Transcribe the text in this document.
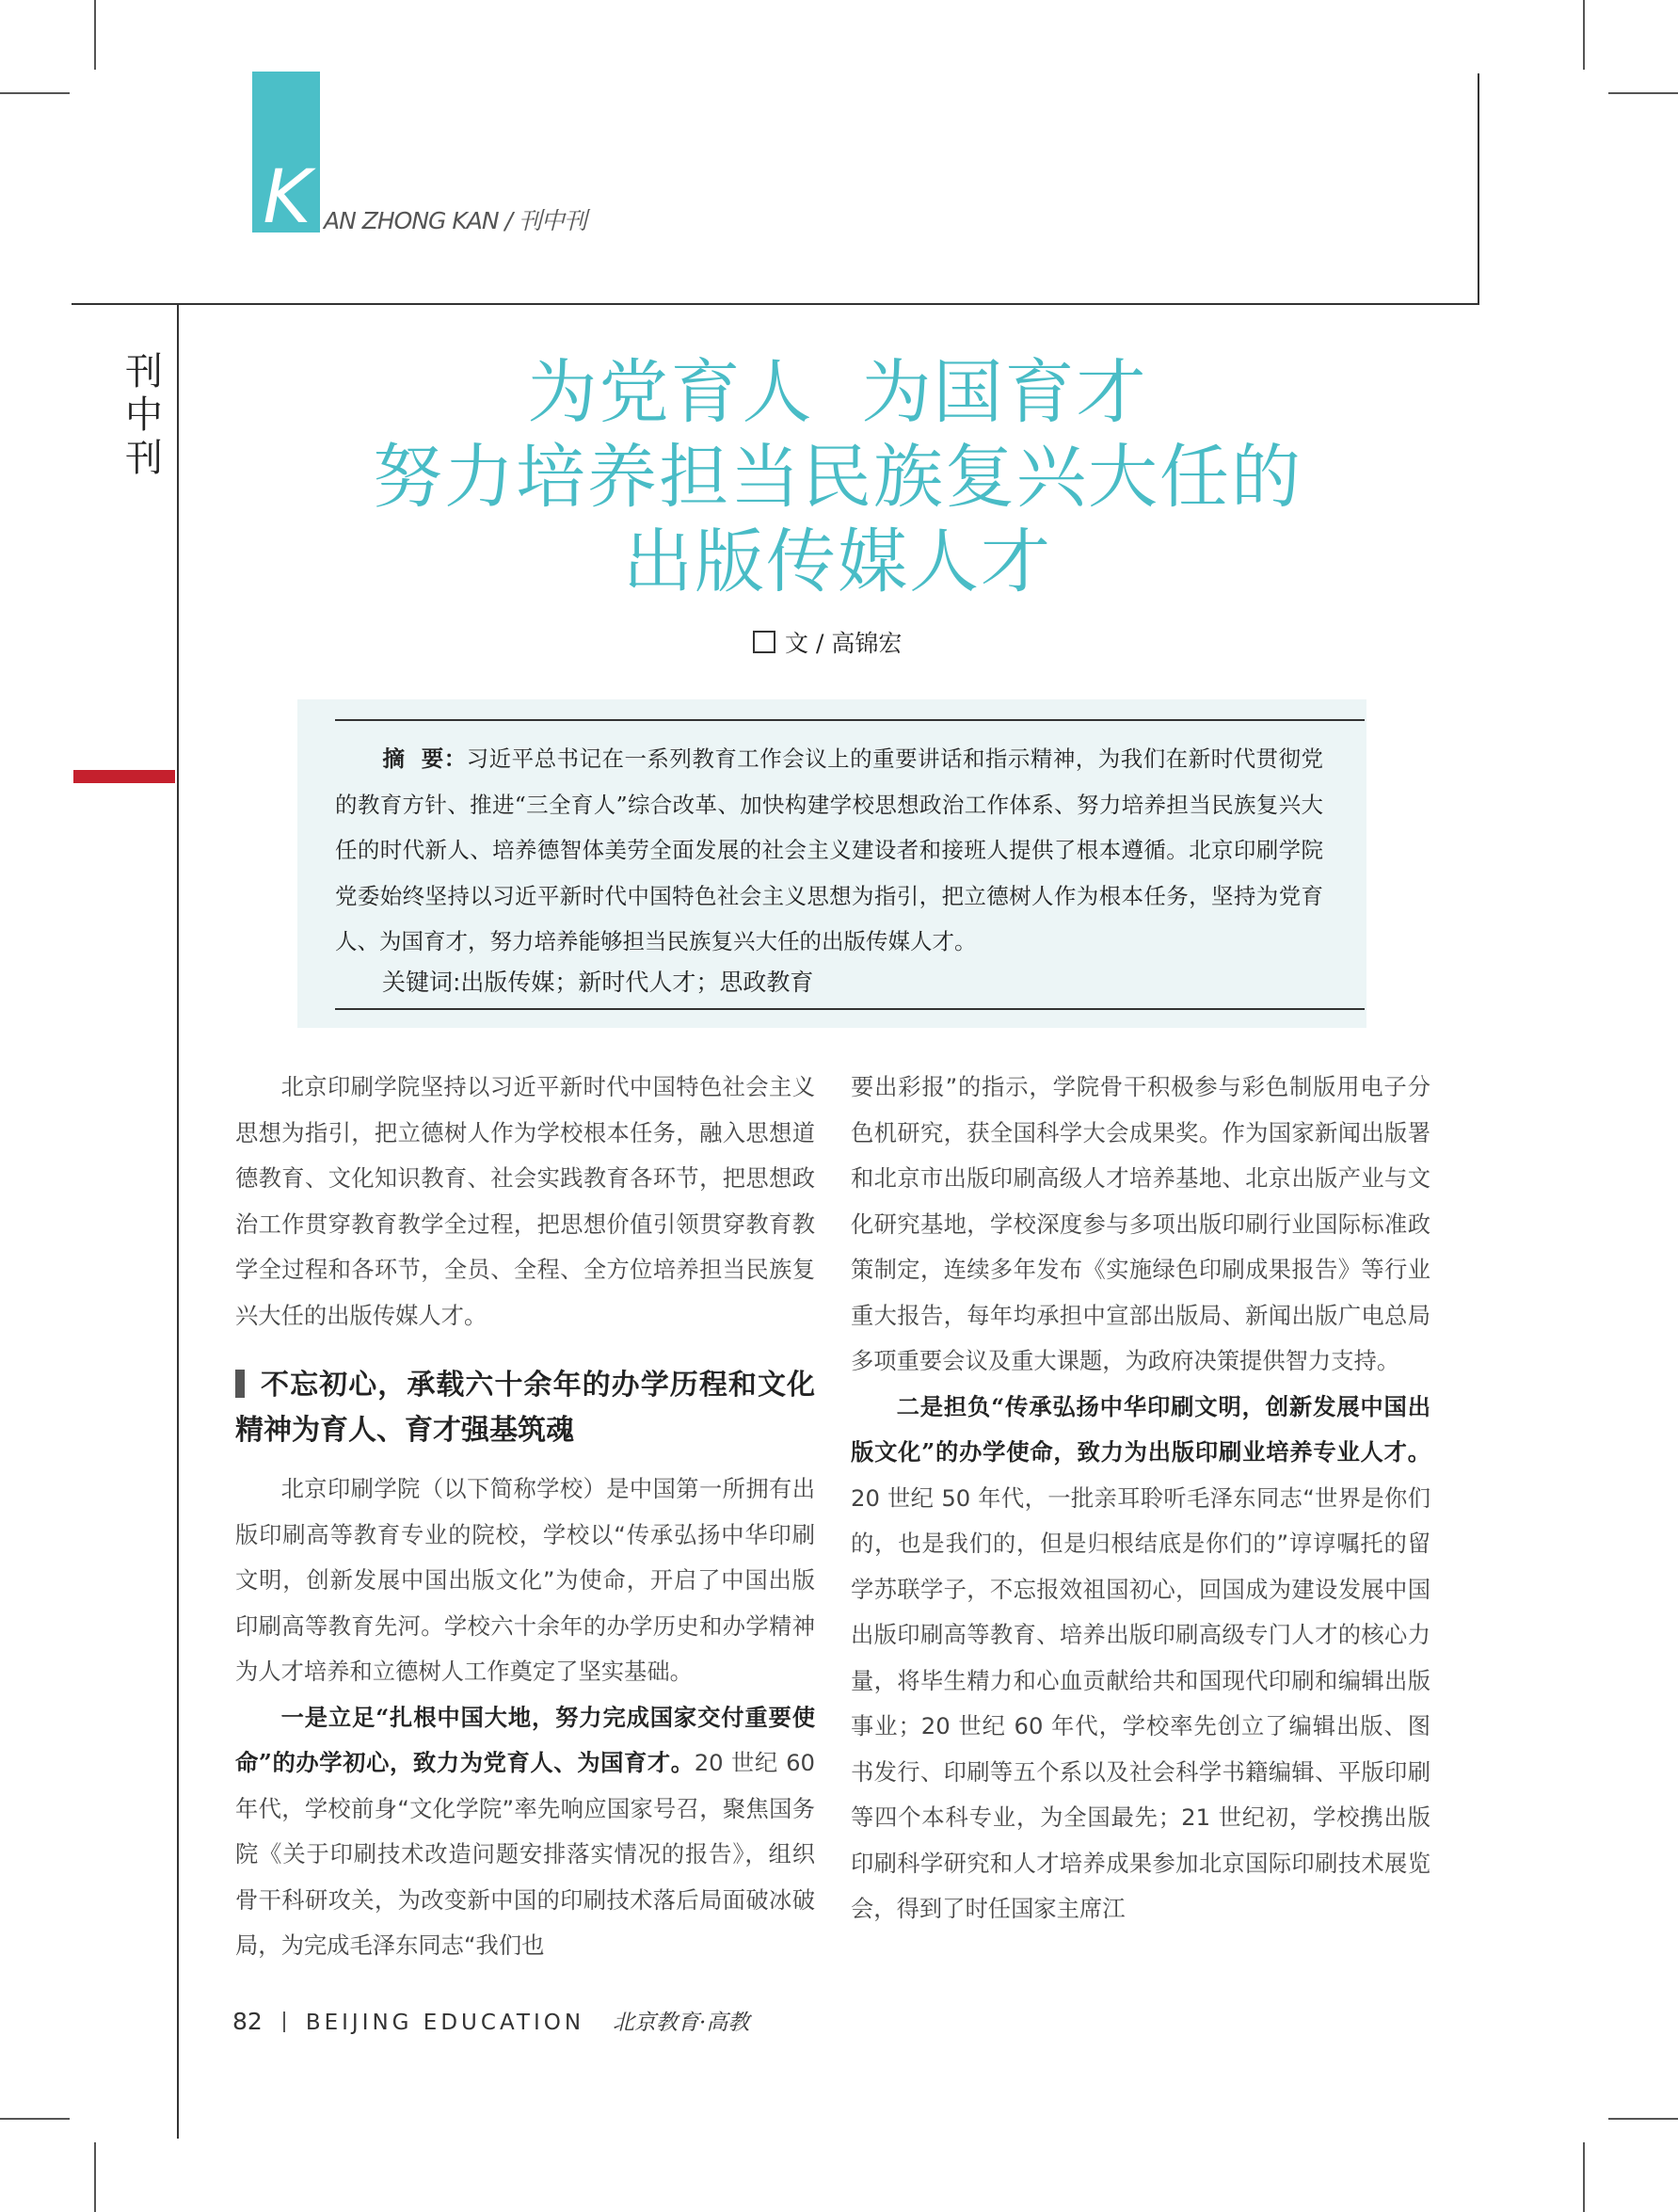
K AN ZHONG KAN / 刊中刊
刊
中
刊
为党育人  为国育才
努力培养担当民族复兴大任的
出版传媒人才
文 / 高锦宏
摘  要：习近平总书记在一系列教育工作会议上的重要讲话和指示精神，为我们在新时代贯彻党的教育方针、推进“三全育人”综合改革、加快构建学校思想政治工作体系、努力培养担当民族复兴大任的时代新人、培养德智体美劳全面发展的社会主义建设者和接班人提供了根本遵循。北京印刷学院党委始终坚持以习近平新时代中国特色社会主义思想为指引，把立德树人作为根本任务，坚持为党育人、为国育才，努力培养能够担当民族复兴大任的出版传媒人才。
关键词:出版传媒；新时代人才；思政教育

北京印刷学院坚持以习近平新时代中国特色社会主义思想为指引，把立德树人作为学校根本任务，融入思想道德教育、文化知识教育、社会实践教育各环节，把思想政治工作贯穿教育教学全过程，把思想价值引领贯穿教育教学全过程和各环节，全员、全程、全方位培养担当民族复兴大任的出版传媒人才。

不忘初心，承载六十余年的办学历程和文化精神为育人、育才强基筑魂

北京印刷学院（以下简称学校）是中国第一所拥有出版印刷高等教育专业的院校，学校以“传承弘扬中华印刷文明，创新发展中国出版文化”为使命，开启了中国出版印刷高等教育先河。学校六十余年的办学历史和办学精神为人才培养和立德树人工作奠定了坚实基础。

一是立足“扎根中国大地，努力完成国家交付重要使命”的办学初心，致力为党育人、为国育才。20 世纪 60 年代，学校前身“文化学院”率先响应国家号召，聚焦国务院《关于印刷技术改造问题安排落实情况的报告》，组织骨干科研攻关，为改变新中国的印刷技术落后局面破冰破局，为完成毛泽东同志“我们也

要出彩报”的指示，学院骨干积极参与彩色制版用电子分色机研究，获全国科学大会成果奖。作为国家新闻出版署和北京市出版印刷高级人才培养基地、北京出版产业与文化研究基地，学校深度参与多项出版印刷行业国际标准政策制定，连续多年发布《实施绿色印刷成果报告》等行业重大报告，每年均承担中宣部出版局、新闻出版广电总局多项重要会议及重大课题，为政府决策提供智力支持。

二是担负“传承弘扬中华印刷文明，创新发展中国出版文化”的办学使命，致力为出版印刷业培养专业人才。20 世纪 50 年代，一批亲耳聆听毛泽东同志“世界是你们的，也是我们的，但是归根结底是你们的”谆谆嘱托的留学苏联学子，不忘报效祖国初心，回国成为建设发展中国出版印刷高等教育、培养出版印刷高级专门人才的核心力量，将毕生精力和心血贡献给共和国现代印刷和编辑出版事业；20 世纪 60 年代，学校率先创立了编辑出版、图书发行、印刷等五个系以及社会科学书籍编辑、平版印刷等四个本科专业，为全国最先；21 世纪初，学校携出版印刷科学研究和人才培养成果参加北京国际印刷技术展览会，得到了时任国家主席江

82 BEIJING EDUCATION 北京教育·高教
